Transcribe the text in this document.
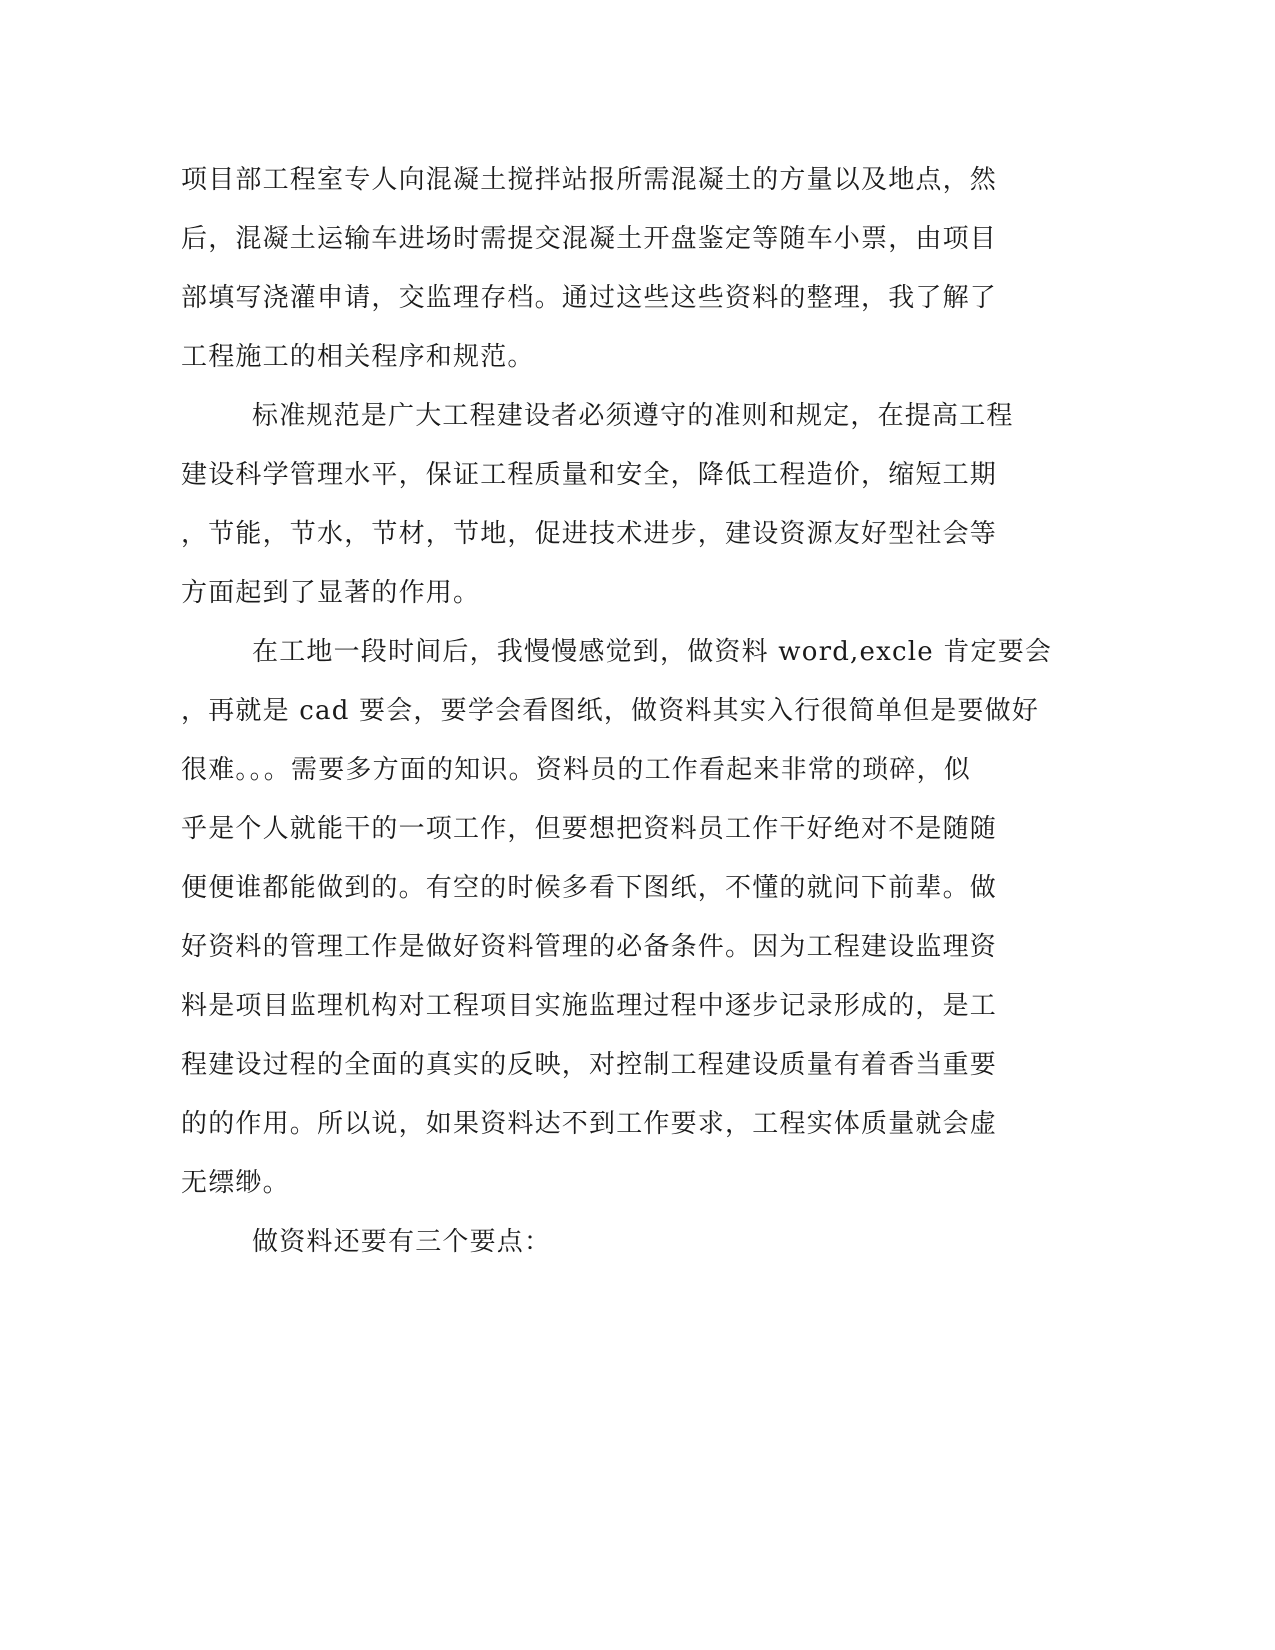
项目部工程室专人向混凝土搅拌站报所需混凝土的方量以及地点，然
后，混凝土运输车进场时需提交混凝土开盘鉴定等随车小票，由项目
部填写浇灌申请，交监理存档。通过这些这些资料的整理，我了解了
工程施工的相关程序和规范。
标准规范是广大工程建设者必须遵守的准则和规定，在提高工程
建设科学管理水平，保证工程质量和安全，降低工程造价，缩短工期
，节能，节水，节材，节地，促进技术进步，建设资源友好型社会等
方面起到了显著的作用。
在工地一段时间后，我慢慢感觉到，做资料 word,excle 肯定要会
，再就是 cad 要会，要学会看图纸，做资料其实入行很简单但是要做好
很难。。。需要多方面的知识。资料员的工作看起来非常的琐碎，似
乎是个人就能干的一项工作，但要想把资料员工作干好绝对不是随随
便便谁都能做到的。有空的时候多看下图纸，不懂的就问下前辈。做
好资料的管理工作是做好资料管理的必备条件。因为工程建设监理资
料是项目监理机构对工程项目实施监理过程中逐步记录形成的，是工
程建设过程的全面的真实的反映，对控制工程建设质量有着香当重要
的的作用。所以说，如果资料达不到工作要求，工程实体质量就会虚
无缥缈。
做资料还要有三个要点：
